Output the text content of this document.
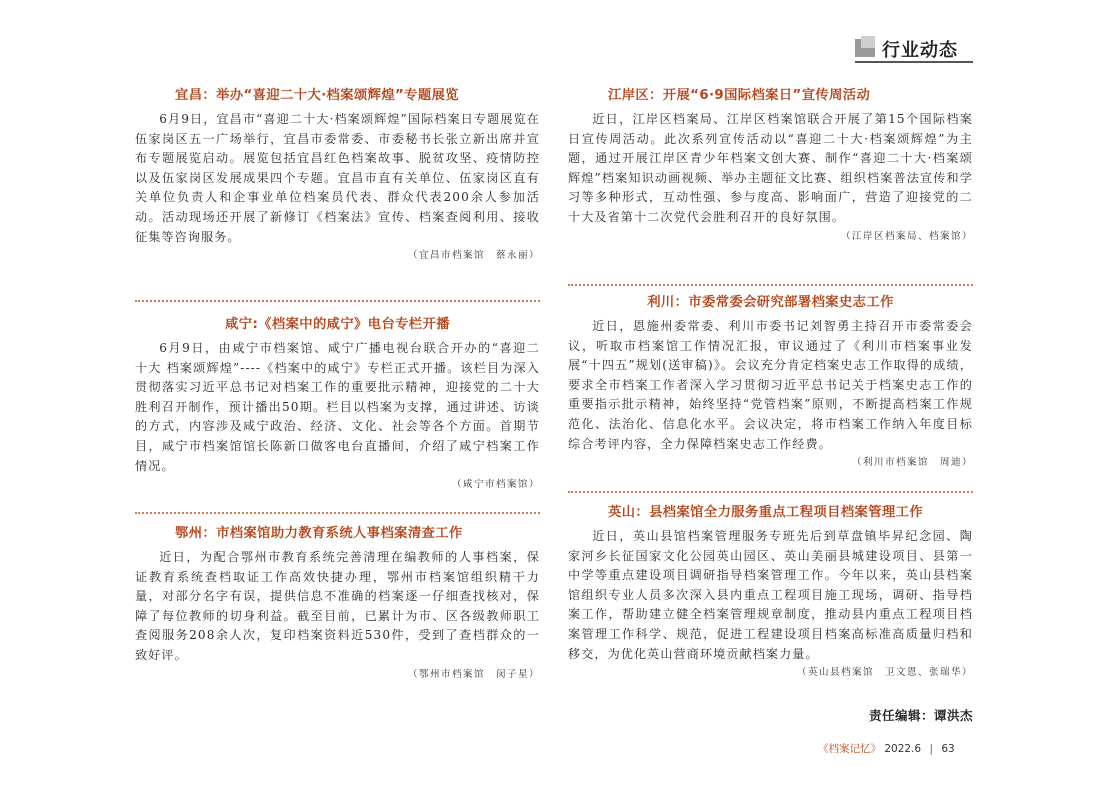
行业动态

宜昌：举办“喜迎二十大·档案颂辉煌”专题展览

6月9日，宜昌市“喜迎二十大·档案颂辉煌”国际档案日专题展览在伍家岗区五一广场举行，宜昌市委常委、市委秘书长张立新出席并宣布专题展览启动。展览包括宜昌红色档案故事、脱贫攻坚、疫情防控以及伍家岗区发展成果四个专题。宜昌市直有关单位、伍家岗区直有关单位负责人和企事业单位档案员代表、群众代表200余人参加活动。活动现场还开展了新修订《档案法》宣传、档案查阅利用、接收征集等咨询服务。

（宜昌市档案馆　蔡永丽）

咸宁:《档案中的咸宁》电台专栏开播

6月9日，由咸宁市档案馆、咸宁广播电视台联合开办的“喜迎二十大 档案颂辉煌”----《档案中的咸宁》专栏正式开播。该栏目为深入贯彻落实习近平总书记对档案工作的重要批示精神，迎接党的二十大胜利召开制作，预计播出50期。栏目以档案为支撑，通过讲述、访谈的方式，内容涉及咸宁政治、经济、文化、社会等各个方面。首期节目，咸宁市档案馆馆长陈新口做客电台直播间，介绍了咸宁档案工作情况。

（咸宁市档案馆）

鄂州：市档案馆助力教育系统人事档案清查工作

近日，为配合鄂州市教育系统完善清理在编教师的人事档案，保证教育系统查档取证工作高效快捷办理，鄂州市档案馆组织精干力量，对部分名字有误，提供信息不准确的档案逐一仔细查找核对，保障了每位教师的切身利益。截至目前，已累计为市、区各级教师职工查阅服务208余人次，复印档案资料近530件，受到了查档群众的一致好评。

（鄂州市档案馆　闵子星）

江岸区：开展“6·9国际档案日”宣传周活动

近日，江岸区档案局、江岸区档案馆联合开展了第15个国际档案日宣传周活动。此次系列宣传活动以“喜迎二十大·档案颂辉煌”为主题，通过开展江岸区青少年档案文创大赛、制作“喜迎二十大·档案颂辉煌”档案知识动画视频、举办主题征文比赛、组织档案普法宣传和学习等多种形式，互动性强、参与度高、影响面广，营造了迎接党的二十大及省第十二次党代会胜利召开的良好氛围。

（江岸区档案局、档案馆）

利川：市委常委会研究部署档案史志工作

近日，恩施州委常委、利川市委书记刘智勇主持召开市委常委会议，听取市档案馆工作情况汇报，审议通过了《利川市档案事业发展“十四五”规划(送审稿)》。会议充分肯定档案史志工作取得的成绩，要求全市档案工作者深入学习贯彻习近平总书记关于档案史志工作的重要指示批示精神，始终坚持“党管档案”原则，不断提高档案工作规范化、法治化、信息化水平。会议决定，将市档案工作纳入年度目标综合考评内容，全力保障档案史志工作经费。

（利川市档案馆　周迪）

英山：县档案馆全力服务重点工程项目档案管理工作

近日，英山县馆档案管理服务专班先后到草盘镇毕昇纪念园、陶家河乡长征国家文化公园英山园区、英山美丽县城建设项目、县第一中学等重点建设项目调研指导档案管理工作。今年以来，英山县档案馆组织专业人员多次深入县内重点工程项目施工现场，调研、指导档案工作，帮助建立健全档案管理规章制度，推动县内重点工程项目档案管理工作科学、规范，促进工程建设项目档案高标准高质量归档和移交，为优化英山营商环境贡献档案力量。

（英山县档案馆　卫文恩、张瑞华）

责任编辑：谭洪杰
《档案记忆》 2022.6 | 63
